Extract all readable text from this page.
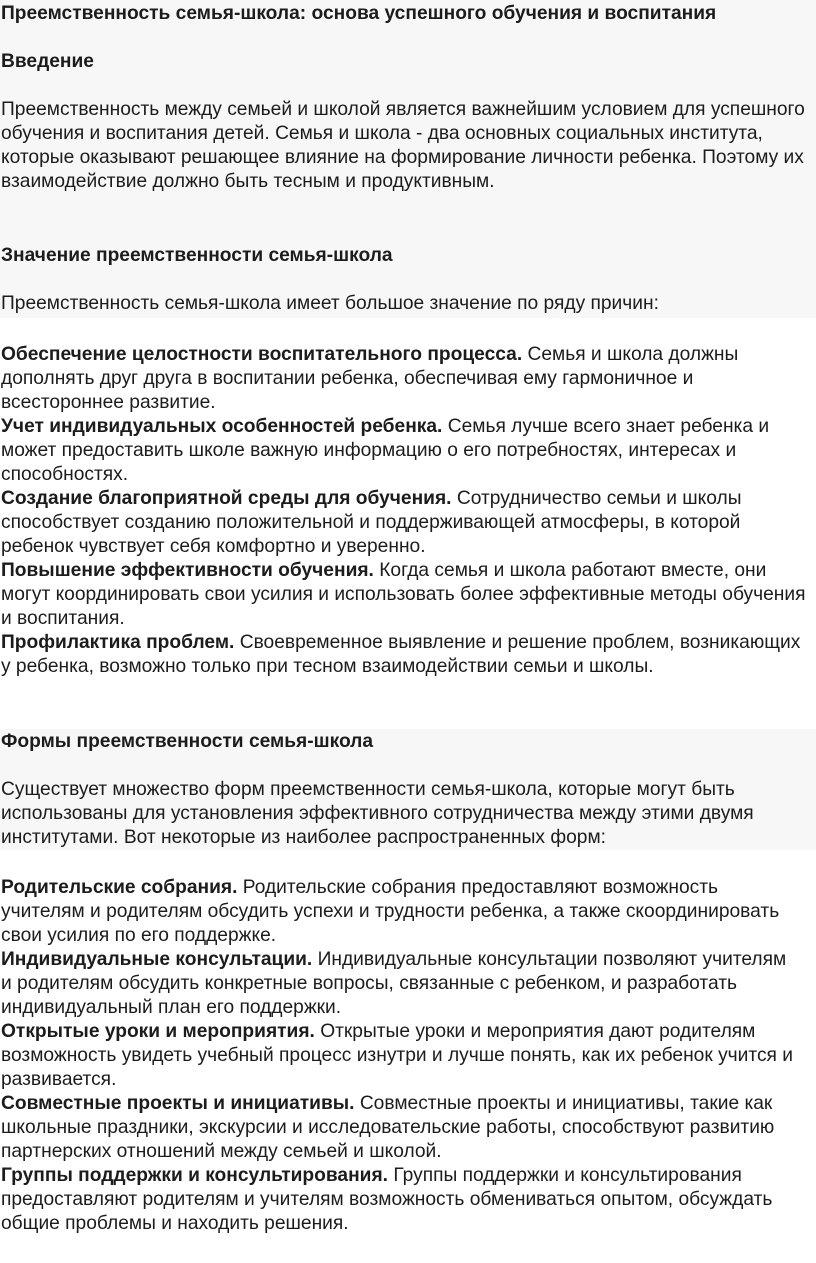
Преемственность семья-школа: основа успешного обучения и воспитания

Введение

Преемственность между семьей и школой является важнейшим условием для успешного обучения и воспитания детей. Семья и школа - два основных социальных института, которые оказывают решающее влияние на формирование личности ребенка. Поэтому их взаимодействие должно быть тесным и продуктивным.

Значение преемственности семья-школа

Преемственность семья-школа имеет большое значение по ряду причин:

Обеспечение целостности воспитательного процесса. Семья и школа должны дополнять друг друга в воспитании ребенка, обеспечивая ему гармоничное и всестороннее развитие.

Учет индивидуальных особенностей ребенка. Семья лучше всего знает ребенка и может предоставить школе важную информацию о его потребностях, интересах и способностях.

Создание благоприятной среды для обучения. Сотрудничество семьи и школы способствует созданию положительной и поддерживающей атмосферы, в которой ребенок чувствует себя комфортно и уверенно.

Повышение эффективности обучения. Когда семья и школа работают вместе, они могут координировать свои усилия и использовать более эффективные методы обучения и воспитания.

Профилактика проблем. Своевременное выявление и решение проблем, возникающих у ребенка, возможно только при тесном взаимодействии семьи и школы.

Формы преемственности семья-школа

Существует множество форм преемственности семья-школа, которые могут быть использованы для установления эффективного сотрудничества между этими двумя институтами. Вот некоторые из наиболее распространенных форм:

Родительские собрания. Родительские собрания предоставляют возможность учителям и родителям обсудить успехи и трудности ребенка, а также скоординировать свои усилия по его поддержке.

Индивидуальные консультации. Индивидуальные консультации позволяют учителям и родителям обсудить конкретные вопросы, связанные с ребенком, и разработать индивидуальный план его поддержки.

Открытые уроки и мероприятия. Открытые уроки и мероприятия дают родителям возможность увидеть учебный процесс изнутри и лучше понять, как их ребенок учится и развивается.

Совместные проекты и инициативы. Совместные проекты и инициативы, такие как школьные праздники, экскурсии и исследовательские работы, способствуют развитию партнерских отношений между семьей и школой.

Группы поддержки и консультирования. Группы поддержки и консультирования предоставляют родителям и учителям возможность обмениваться опытом, обсуждать общие проблемы и находить решения.
